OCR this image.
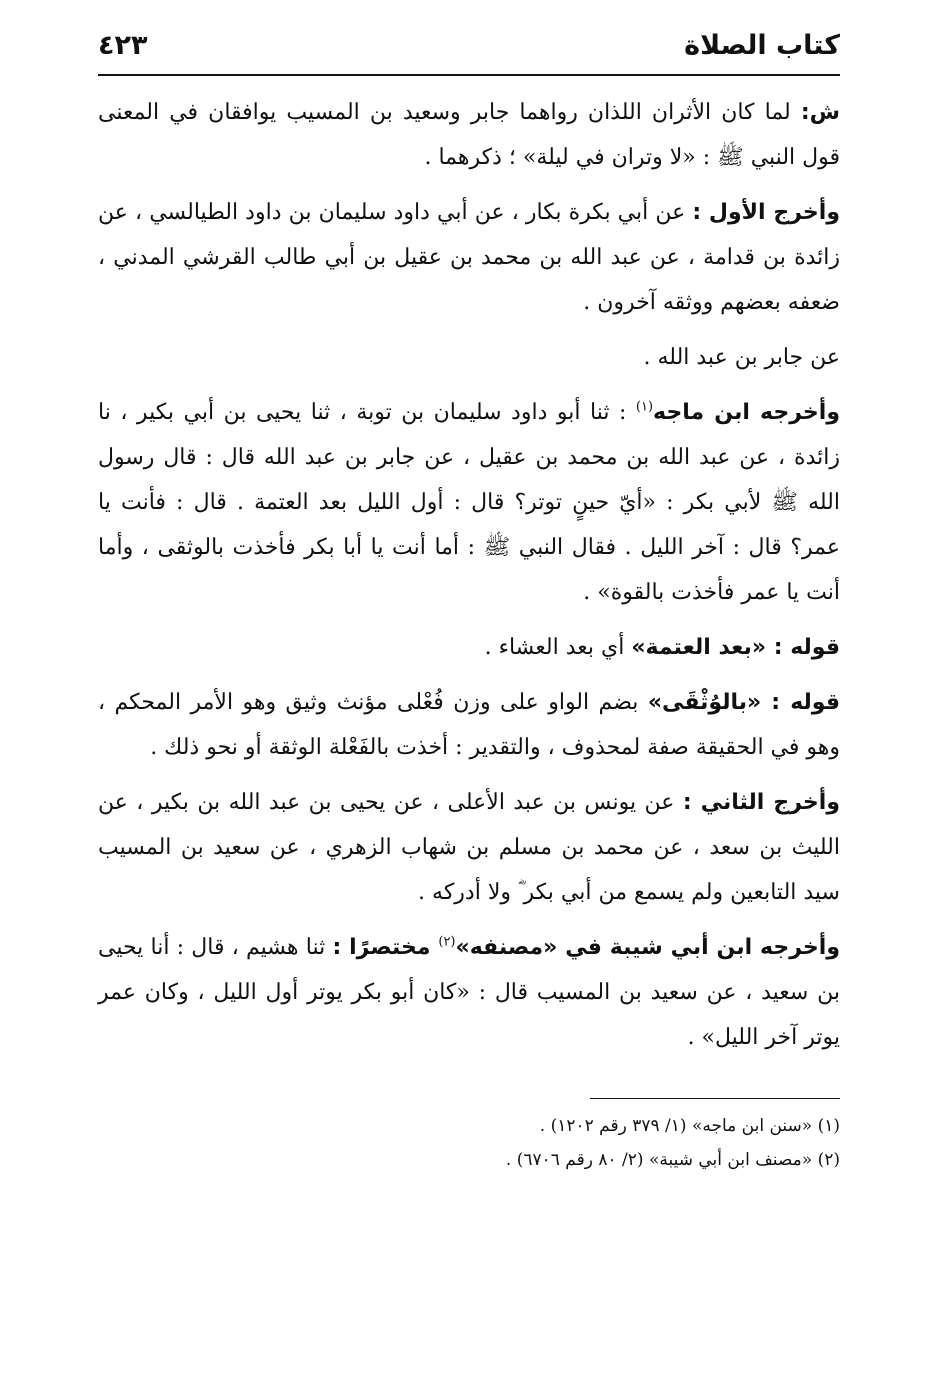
كتاب الصلاة
٤٢٣

ش: لما كان الأثران اللذان رواهما جابر وسعيد بن المسيب يوافقان في المعنى قول النبي ﷺ : «لا وتران في ليلة» ؛ ذكرهما .

وأخرج الأول : عن أبي بكرة بكار ، عن أبي داود سليمان بن داود الطيالسي ، عن زائدة بن قدامة ، عن عبد الله بن محمد بن عقيل بن أبي طالب القرشي المدني ، ضعفه بعضهم ووثقه آخرون .

عن جابر بن عبد الله .

وأخرجه ابن ماجه$^{(١)}$ : ثنا أبو داود سليمان بن توبة ، ثنا يحيى بن أبي بكير ، نا زائدة ، عن عبد الله بن محمد بن عقيل ، عن جابر بن عبد الله قال : قال رسول الله ﷺ لأبي بكر : «أيّ حينٍ توتر؟ قال : أول الليل بعد العتمة . قال : فأنت يا عمر؟ قال : آخر الليل . فقال النبي ﷺ : أما أنت يا أبا بكر فأخذت بالوثقى ، وأما أنت يا عمر فأخذت بالقوة» .

قوله : «بعد العتمة» أي بعد العشاء .

قوله : «بالوُثْقَى» بضم الواو على وزن فُعْلى مؤنث وثيق وهو الأمر المحكم ، وهو في الحقيقة صفة لمحذوف ، والتقدير : أخذت بالفَعْلة الوثقة أو نحو ذلك .

وأخرج الثاني : عن يونس بن عبد الأعلى ، عن يحيى بن عبد الله بن بكير ، عن الليث بن سعد ، عن محمد بن مسلم بن شهاب الزهري ، عن سعيد بن المسيب سيد التابعين ولم يسمع من أبي بكر ؓ ولا أدركه .

وأخرجه ابن أبي شيبة في «مصنفه»$^{(٢)}$ مختصرًا : ثنا هشيم ، قال : أنا يحيى بن سعيد ، عن سعيد بن المسيب قال : «كان أبو بكر يوتر أول الليل ، وكان عمر يوتر آخر الليل» .

(١) «سنن ابن ماجه» (١/ ٣٧٩ رقم ١٢٠٢) .

(٢) «مصنف ابن أبي شيبة» (٢/ ٨٠ رقم ٦٧٠٦) .
